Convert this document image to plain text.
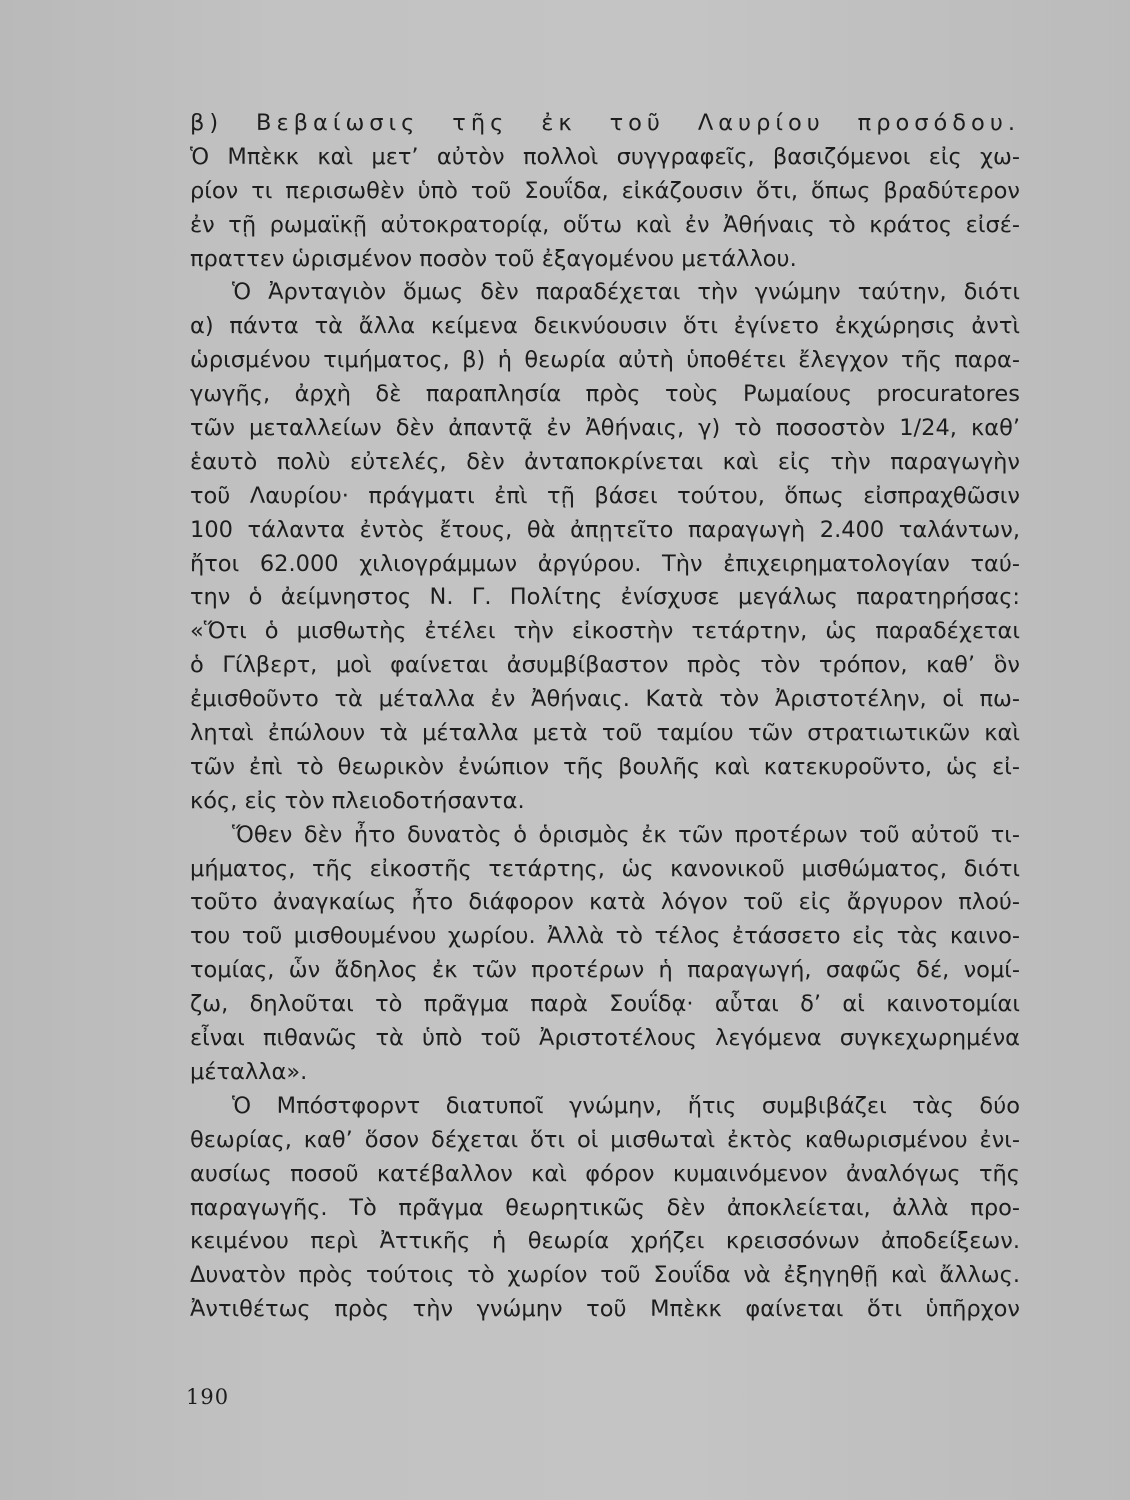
β) Βεβαίωσις τῆς ἐκ τοῦ Λαυρίου προσόδου.
Ὁ Μπὲκκ καὶ μετ’ αὐτὸν πολλοὶ συγγραφεῖς, βασιζόμενοι εἰς χω-
ρίον τι περισωθὲν ὑπὸ τοῦ Σουΐδα, εἰκάζουσιν ὅτι, ὅπως βραδύτερον
ἐν τῇ ρωμαϊκῇ αὐτοκρατορίᾳ, οὕτω καὶ ἐν Ἀθήναις τὸ κράτος εἰσέ-
πραττεν ὡρισμένον ποσὸν τοῦ ἐξαγομένου μετάλλου.
Ὁ Ἀρνταγιὸν ὅμως δὲν παραδέχεται τὴν γνώμην ταύτην, διότι
α) πάντα τὰ ἄλλα κείμενα δεικνύουσιν ὅτι ἐγίνετο ἐκχώρησις ἀντὶ
ὡρισμένου τιμήματος, β) ἡ θεωρία αὐτὴ ὑποθέτει ἔλεγχον τῆς παρα-
γωγῆς, ἀρχὴ δὲ παραπλησία πρὸς τοὺς Ρωμαίους procuratores
τῶν μεταλλείων δὲν ἀπαντᾷ ἐν Ἀθήναις, γ) τὸ ποσοστὸν 1/24, καθ’
ἑαυτὸ πολὺ εὐτελές, δὲν ἀνταποκρίνεται καὶ εἰς τὴν παραγωγὴν
τοῦ Λαυρίου· πράγματι ἐπὶ τῇ βάσει τούτου, ὅπως εἰσπραχθῶσιν
100 τάλαντα ἐντὸς ἔτους, θὰ ἀπῃτεῖτο παραγωγὴ 2.400 ταλάντων,
ἤτοι 62.000 χιλιογράμμων ἀργύρου. Τὴν ἐπιχειρηματολογίαν ταύ-
την ὁ ἀείμνηστος Ν. Γ. Πολίτης ἐνίσχυσε μεγάλως παρατηρήσας:
«Ὅτι ὁ μισθωτὴς ἐτέλει τὴν εἰκοστὴν τετάρτην, ὡς παραδέχεται
ὁ Γίλβερτ, μοὶ φαίνεται ἀσυμβίβαστον πρὸς τὸν τρόπον, καθ’ ὃν
ἐμισθοῦντο τὰ μέταλλα ἐν Ἀθήναις. Κατὰ τὸν Ἀριστοτέλην, οἱ πω-
ληταὶ ἐπώλουν τὰ μέταλλα μετὰ τοῦ ταμίου τῶν στρατιωτικῶν καὶ
τῶν ἐπὶ τὸ θεωρικὸν ἐνώπιον τῆς βουλῆς καὶ κατεκυροῦντο, ὡς εἰ-
κός, εἰς τὸν πλειοδοτήσαντα.
Ὅθεν δὲν ἦτο δυνατὸς ὁ ὁρισμὸς ἐκ τῶν προτέρων τοῦ αὐτοῦ τι-
μήματος, τῆς εἰκοστῆς τετάρτης, ὡς κανονικοῦ μισθώματος, διότι
τοῦτο ἀναγκαίως ἦτο διάφορον κατὰ λόγον τοῦ εἰς ἄργυρον πλού-
του τοῦ μισθουμένου χωρίου. Ἀλλὰ τὸ τέλος ἐτάσσετο εἰς τὰς καινο-
τομίας, ὧν ἄδηλος ἐκ τῶν προτέρων ἡ παραγωγή, σαφῶς δέ, νομί-
ζω, δηλοῦται τὸ πρᾶγμα παρὰ Σουΐδᾳ· αὗται δ’ αἱ καινοτομίαι
εἶναι πιθανῶς τὰ ὑπὸ τοῦ Ἀριστοτέλους λεγόμενα συγκεχωρημένα
μέταλλα».
Ὁ Μπόστφορντ διατυποῖ γνώμην, ἥτις συμβιβάζει τὰς δύο
θεωρίας, καθ’ ὅσον δέχεται ὅτι οἱ μισθωταὶ ἐκτὸς καθωρισμένου ἐνι-
αυσίως ποσοῦ κατέβαλλον καὶ φόρον κυμαινόμενον ἀναλόγως τῆς
παραγωγῆς. Τὸ πρᾶγμα θεωρητικῶς δὲν ἀποκλείεται, ἀλλὰ προ-
κειμένου περὶ Ἀττικῆς ἡ θεωρία χρήζει κρεισσόνων ἀποδείξεων.
Δυνατὸν πρὸς τούτοις τὸ χωρίον τοῦ Σουΐδα νὰ ἐξηγηθῇ καὶ ἄλλως.
Ἀντιθέτως πρὸς τὴν γνώμην τοῦ Μπὲκκ φαίνεται ὅτι ὑπῆρχον
190
